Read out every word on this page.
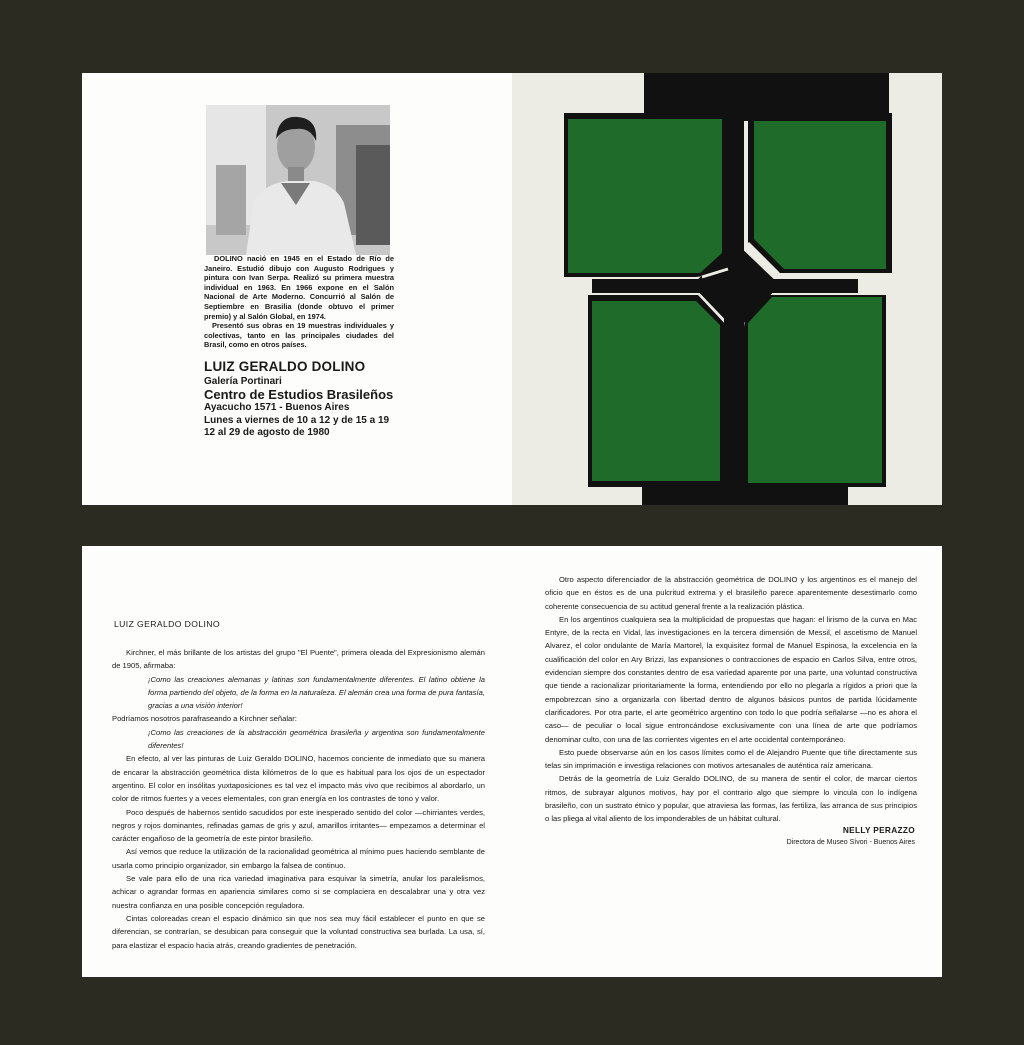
DOLINO nació en 1945 en el Estado de Río de Janeiro. Estudió dibujo con Augusto Rodrigues y pintura con Ivan Serpa. Realizó su primera muestra individual en 1963. En 1966 expone en el Salón Nacional de Arte Moderno. Concurrió al Salón de Septiembre en Brasilia (donde obtuvo el primer premio) y al Salón Global, en 1974.

Presentó sus obras en 19 muestras individuales y colectivas, tanto en las principales ciudades del Brasil, como en otros países.

LUIZ GERALDO DOLINO
Galería Portinari
Centro de Estudios Brasileños
Ayacucho 1571 - Buenos Aires
Lunes a viernes de 10 a 12 y de 15 a 19
12 al 29 de agosto de 1980
LUIZ GERALDO DOLINO

Kirchner, el más brillante de los artistas del grupo "El Puente", primera oleada del Expresionismo alemán de 1905, afirmaba:

¡Como las creaciones alemanas y latinas son fundamentalmente diferentes. El latino obtiene la forma partiendo del objeto, de la forma en la naturaleza. El alemán crea una forma de pura fantasía, gracias a una visión interior!

Podríamos nosotros parafraseando a Kirchner señalar:

¡Como las creaciones de la abstracción geométrica brasileña y argentina son fundamentalmente diferentes!

En efecto, al ver las pinturas de Luiz Geraldo DOLINO, hacemos conciente de inmediato que su manera de encarar la abstracción geométrica dista kilómetros de lo que es habitual para los ojos de un espectador argentino. El color en insólitas yuxtaposiciones es tal vez el impacto más vivo que recibimos al abordarlo, un color de ritmos fuertes y a veces elementales, con gran energía en los contrastes de tono y valor.

Poco después de habernos sentido sacudidos por este inesperado sentido del color —chirriantes verdes, negros y rojos dominantes, refinadas gamas de gris y azul, amarillos irritantes— empezamos a determinar el carácter engañoso de la geometría de este pintor brasileño.

Así vemos que reduce la utilización de la racionalidad geométrica al mínimo pues haciendo semblante de usarla como principio organizador, sin embargo la falsea de continuo.

Se vale para ello de una rica variedad imaginativa para esquivar la simetría, anular los paralelismos, achicar o agrandar formas en apariencia similares como si se complaciera en descalabrar una y otra vez nuestra confianza en una posible concepción reguladora.

Cintas coloreadas crean el espacio dinámico sin que nos sea muy fácil establecer el punto en que se diferencian, se contrarían, se desubican para conseguir que la voluntad constructiva sea burlada. La usa, sí, para elastizar el espacio hacia atrás, creando gradientes de penetración.

Otro aspecto diferenciador de la abstracción geométrica de DOLINO y los argentinos es el manejo del oficio que en éstos es de una pulcritud extrema y el brasileño parece aparentemente desestimarlo como coherente consecuencia de su actitud general frente a la realización plástica.

En los argentinos cualquiera sea la multiplicidad de propuestas que hagan: el lirismo de la curva en Mac Entyre, de la recta en Vidal, las investigaciones en la tercera dimensión de Messil, el ascetismo de Manuel Alvarez, el color ondulante de María Martorel, la exquisitez formal de Manuel Espinosa, la excelencia en la cualificación del color en Ary Brizzi, las expansiones o contracciones de espacio en Carlos Silva, entre otros, evidencian siempre dos constantes dentro de esa variedad aparente por una parte, una voluntad constructiva que tiende a racionalizar prioritariamente la forma, entendiendo por ello no plegarla a rígidos a priori que la empobrezcan sino a organizarla con libertad dentro de algunos básicos puntos de partida lúcidamente clarificadores. Por otra parte, el arte geométrico argentino con todo lo que podría señalarse —no es ahora el caso— de peculiar o local sigue entroncándose exclusivamente con una línea de arte que podríamos denominar culto, con una de las corrientes vigentes en el arte occidental contemporáneo.

Esto puede observarse aún en los casos límites como el de Alejandro Puente que tiñe directamente sus telas sin imprimación e investiga relaciones con motivos artesanales de auténtica raíz americana.

Detrás de la geometría de Luiz Geraldo DOLINO, de su manera de sentir el color, de marcar ciertos ritmos, de subrayar algunos motivos, hay por el contrario algo que siempre lo vincula con lo indígena brasileño, con un sustrato étnico y popular, que atraviesa las formas, las fertiliza, las arranca de sus principios o las pliega al vital aliento de los imponderables de un hábitat cultural.

NELLY PERAZZO
Directora de Museo Sívori - Buenos Aires
